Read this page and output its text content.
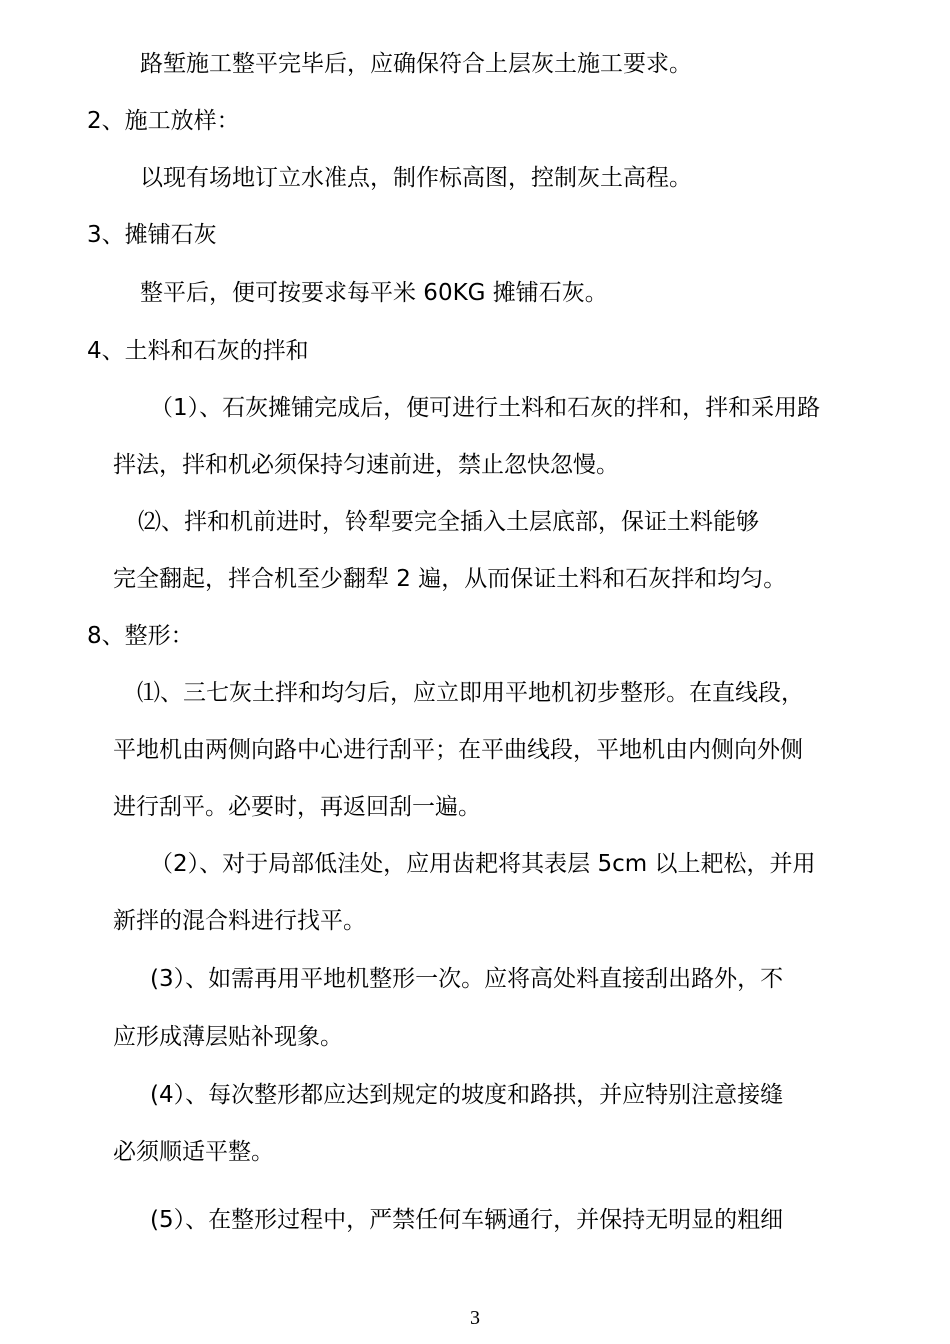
路堑施工整平完毕后，应确保符合上层灰土施工要求。
2、施工放样：
以现有场地订立水准点，制作标高图，控制灰土高程。
3、摊铺石灰
整平后，便可按要求每平米 60KG 摊铺石灰。
4、土料和石灰的拌和
（1）、石灰摊铺完成后，便可进行土料和石灰的拌和，拌和采用路
拌法，拌和机必须保持匀速前进，禁止忽快忽慢。
⑵、拌和机前进时，铃犁要完全插入土层底部，保证土料能够
完全翻起，拌合机至少翻犁 2 遍，从而保证土料和石灰拌和均匀。
8、整形：
⑴、三七灰土拌和均匀后，应立即用平地机初步整形。在直线段，
平地机由两侧向路中心进行刮平；在平曲线段，平地机由内侧向外侧
进行刮平。必要时，再返回刮一遍。
（2）、对于局部低洼处，应用齿耙将其表层 5cm 以上耙松，并用
新拌的混合料进行找平。
(3）、如需再用平地机整形一次。应将高处料直接刮出路外，不
应形成薄层贴补现象。
(4）、每次整形都应达到规定的坡度和路拱，并应特别注意接缝
必须顺适平整。
(5）、在整形过程中，严禁任何车辆通行，并保持无明显的粗细
3
